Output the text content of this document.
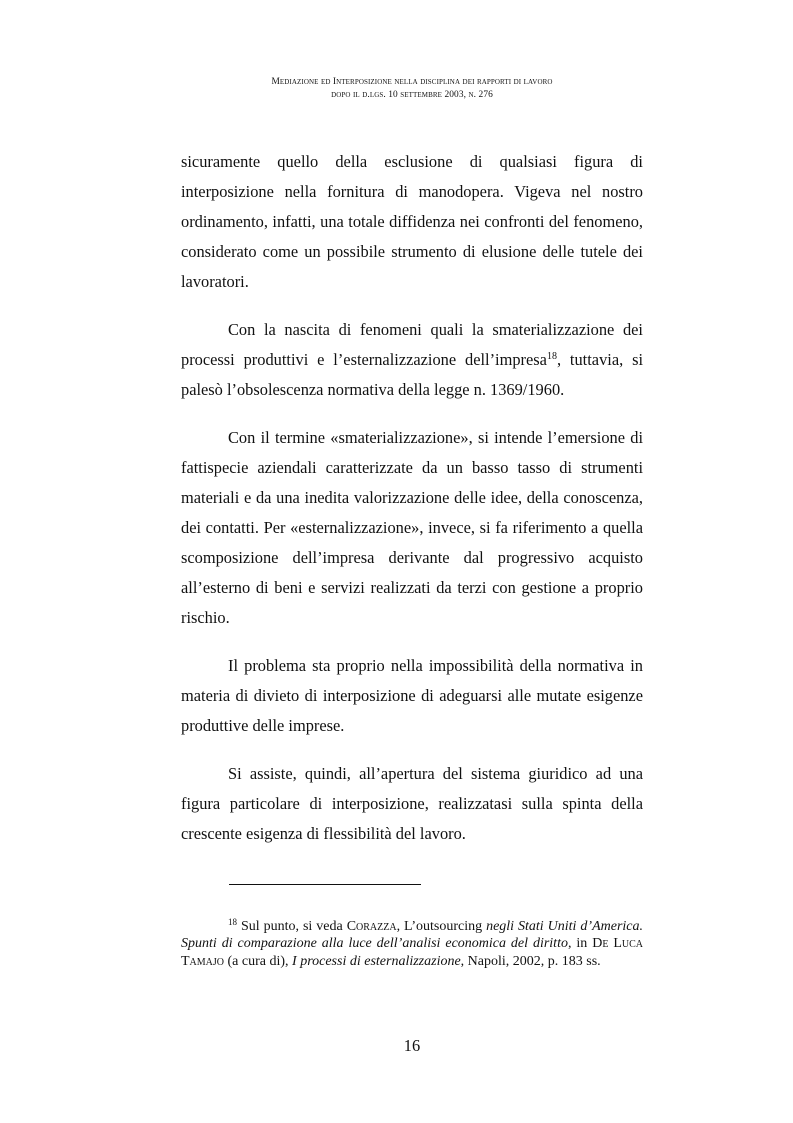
Mediazione ed Interposizione nella disciplina dei rapporti di lavoro
dopo il d.lgs. 10 settembre 2003, n. 276

sicuramente quello della esclusione di qualsiasi figura di interposizione nella fornitura di manodopera. Vigeva nel nostro ordinamento, infatti, una totale diffidenza nei confronti del fenomeno, considerato come un possibile strumento di elusione delle tutele dei lavoratori.

Con la nascita di fenomeni quali la smaterializzazione dei processi produttivi e l’esternalizzazione dell’impresa$^{18}$, tuttavia, si palesò l’obsolescenza normativa della legge n. 1369/1960.

Con il termine «smaterializzazione», si intende l’emersione di fattispecie aziendali caratterizzate da un basso tasso di strumenti materiali e da una inedita valorizzazione delle idee, della conoscenza, dei contatti. Per «esternalizzazione», invece, si fa riferimento a quella scomposizione dell’impresa derivante dal progressivo acquisto all’esterno di beni e servizi realizzati da terzi con gestione a proprio rischio.

Il problema sta proprio nella impossibilità della normativa in materia di divieto di interposizione di adeguarsi alle mutate esigenze produttive delle imprese.

Si assiste, quindi, all’apertura del sistema giuridico ad una figura particolare di interposizione, realizzatasi sulla spinta della crescente esigenza di flessibilità del lavoro.

$^{18}$ Sul punto, si veda Corazza, L’outsourcing negli Stati Uniti d’America. Spunti di comparazione alla luce dell’analisi economica del diritto, in De Luca Tamajo (a cura di), I processi di esternalizzazione, Napoli, 2002, p. 183 ss.

16
